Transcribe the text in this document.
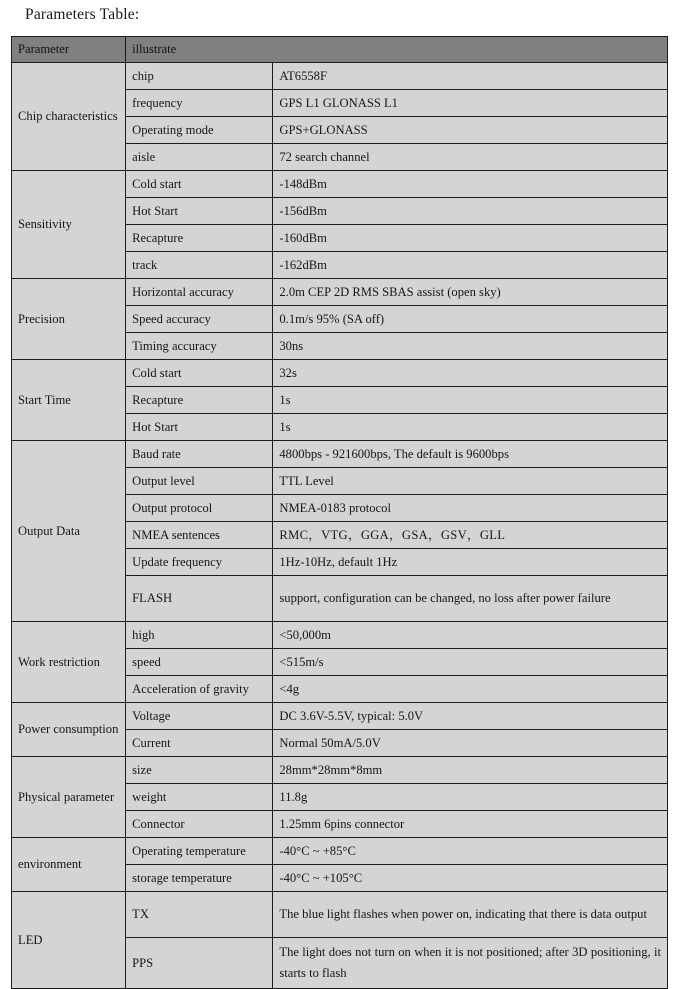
Parameters Table:
Parameter	illustrate	
Chip characteristics	chip	AT6558F
	frequency	GPS L1 GLONASS L1
	Operating mode	GPS+GLONASS
	aisle	72 search channel
Sensitivity	Cold start	-148dBm
	Hot Start	-156dBm
	Recapture	-160dBm
	track	-162dBm
Precision	Horizontal accuracy	2.0m CEP 2D RMS SBAS assist (open sky)
	Speed accuracy	0.1m/s 95% (SA off)
	Timing accuracy	30ns
Start Time	Cold start	32s
	Recapture	1s
	Hot Start	1s
Output Data	Baud rate	4800bps - 921600bps, The default is 9600bps
	Output level	TTL Level
	Output protocol	NMEA-0183 protocol
	NMEA sentences	RMC，VTG，GGA，GSA，GSV，GLL
	Update frequency	1Hz-10Hz, default 1Hz
	FLASH	support, configuration can be changed, no loss after power failure
Work restriction	high	<50,000m
	speed	<515m/s
	Acceleration of gravity	<4g
Power consumption	Voltage	DC 3.6V-5.5V, typical: 5.0V
	Current	Normal 50mA/5.0V
Physical parameter	size	28mm*28mm*8mm
	weight	11.8g
	Connector	1.25mm 6pins connector
environment	Operating temperature	-40°C ~ +85°C
	storage temperature	-40°C ~ +105°C
LED	TX	The blue light flashes when power on, indicating that there is data output
	PPS	The light does not turn on when it is not positioned; after 3D positioning, it starts to flash
